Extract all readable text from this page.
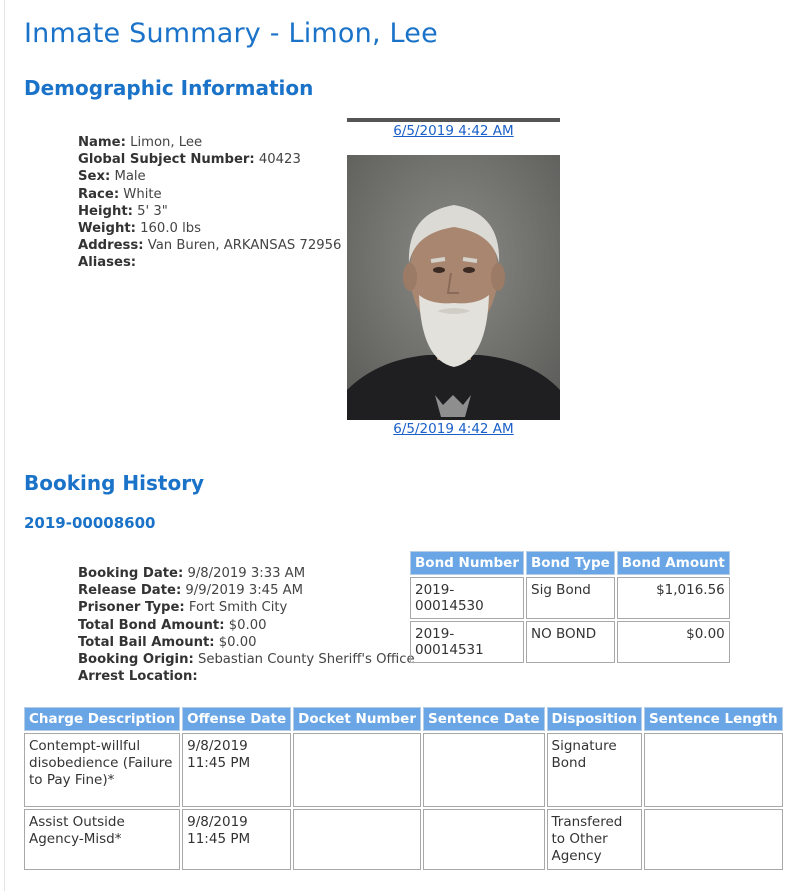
Inmate Summary - Limon, Lee
Demographic Information
Name: Limon, Lee
Global Subject Number: 40423
Sex: Male
Race: White
Height: 5' 3"
Weight: 160.0 lbs
Address: Van Buren, ARKANSAS 72956
Aliases:
6/5/2019 4:42 AM
6/5/2019 4:42 AM
Booking History
2019-00008600
Booking Date: 9/8/2019 3:33 AM
Release Date: 9/9/2019 3:45 AM
Prisoner Type: Fort Smith City
Total Bond Amount: $0.00
Total Bail Amount: $0.00
Booking Origin: Sebastian County Sheriff's Office
Arrest Location:
Bond Number	Bond Type	Bond Amount
2019-00014530	Sig Bond	$1,016.56
2019-00014531	NO BOND	$0.00
Charge Description	Offense Date	Docket Number	Sentence Date	Disposition	Sentence Length
Contempt-willful disobedience (Failure to Pay Fine)*	9/8/2019 11:45 PM			Signature Bond	
Assist Outside Agency-Misd*	9/8/2019 11:45 PM			Transfered to Other Agency	
